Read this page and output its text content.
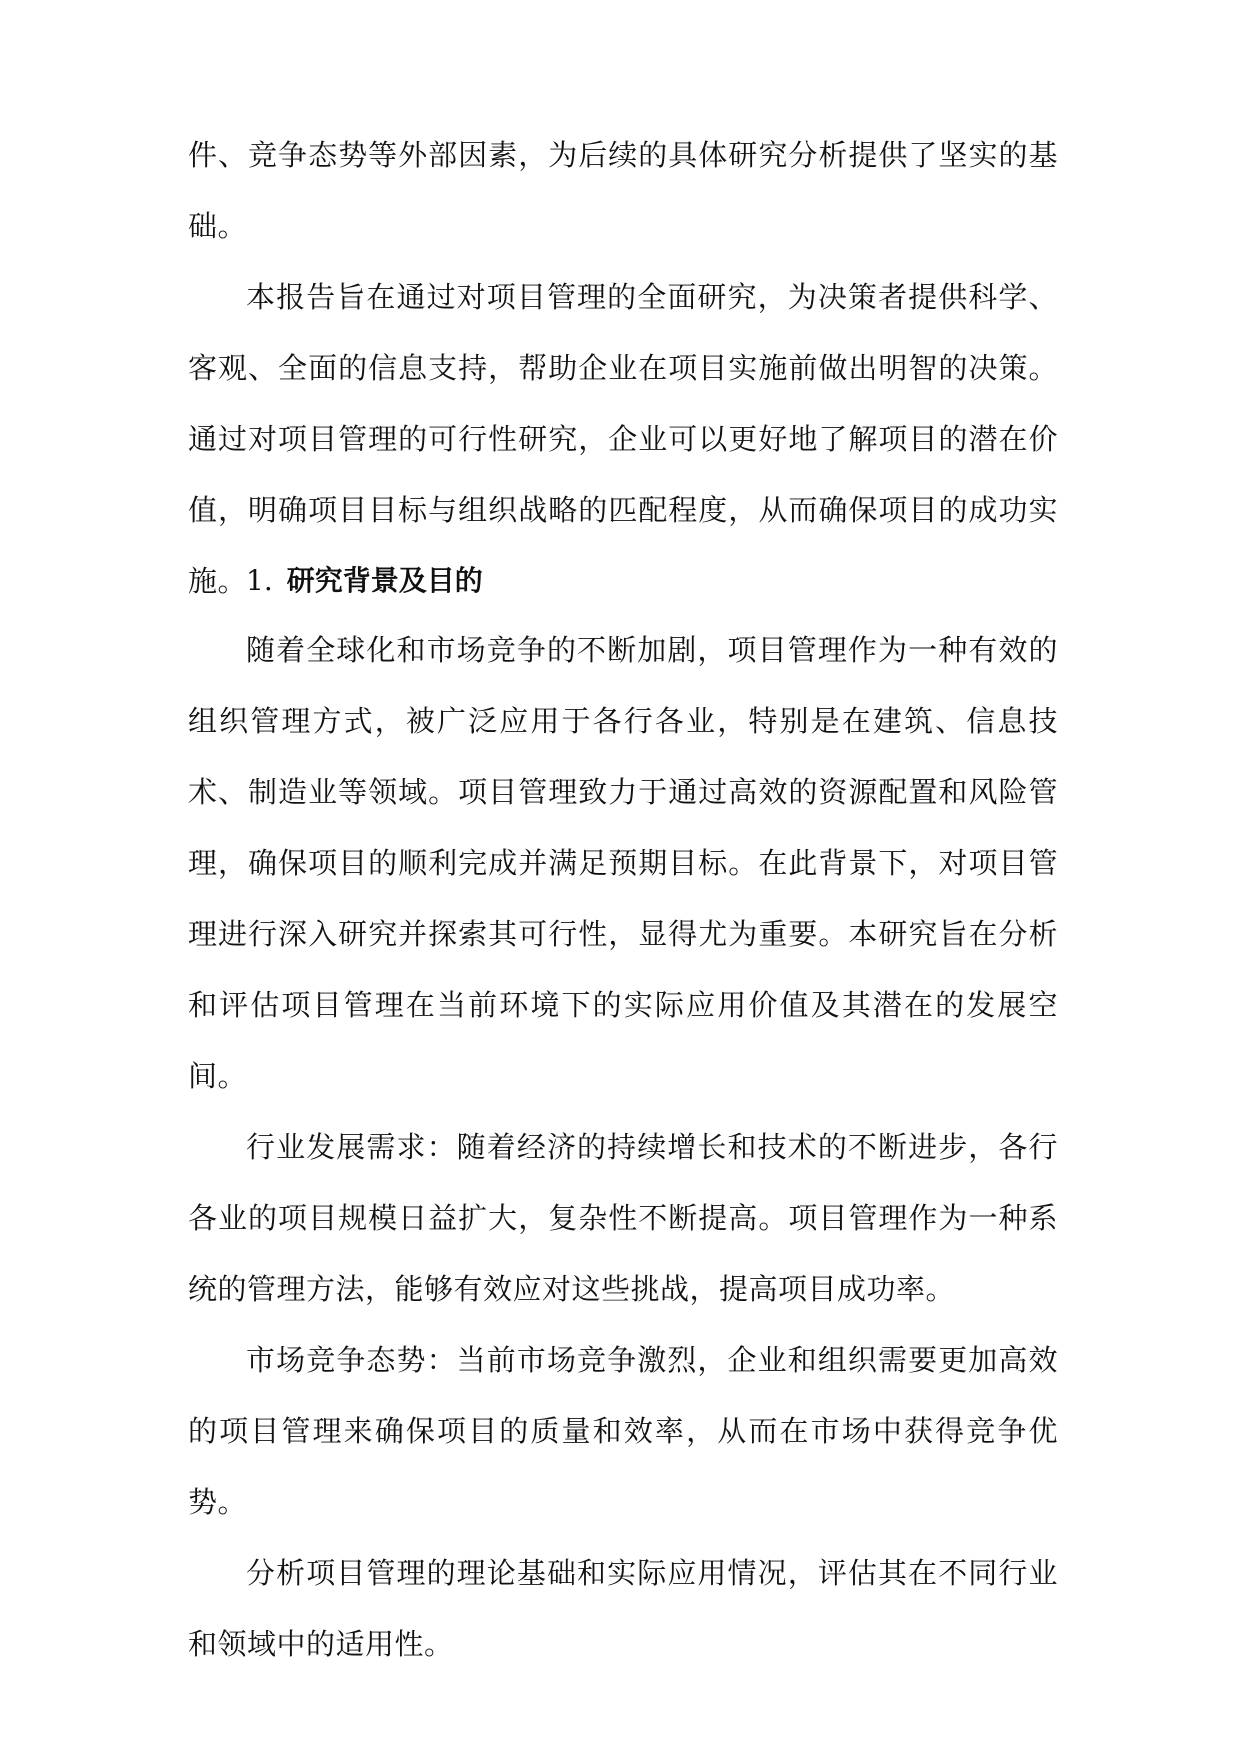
件、竞争态势等外部因素，为后续的具体研究分析提供了坚实的基础。

本报告旨在通过对项目管理的全面研究，为决策者提供科学、客观、全面的信息支持，帮助企业在项目实施前做出明智的决策。通过对项目管理的可行性研究，企业可以更好地了解项目的潜在价值，明确项目目标与组织战略的匹配程度，从而确保项目的成功实施。

1. 研究背景及目的

随着全球化和市场竞争的不断加剧，项目管理作为一种有效的组织管理方式，被广泛应用于各行各业，特别是在建筑、信息技术、制造业等领域。项目管理致力于通过高效的资源配置和风险管理，确保项目的顺利完成并满足预期目标。在此背景下，对项目管理进行深入研究并探索其可行性，显得尤为重要。本研究旨在分析和评估项目管理在当前环境下的实际应用价值及其潜在的发展空间。

行业发展需求：随着经济的持续增长和技术的不断进步，各行各业的项目规模日益扩大，复杂性不断提高。项目管理作为一种系统的管理方法，能够有效应对这些挑战，提高项目成功率。

市场竞争态势：当前市场竞争激烈，企业和组织需要更加高效的项目管理来确保项目的质量和效率，从而在市场中获得竞争优势。

分析项目管理的理论基础和实际应用情况，评估其在不同行业和领域中的适用性。
